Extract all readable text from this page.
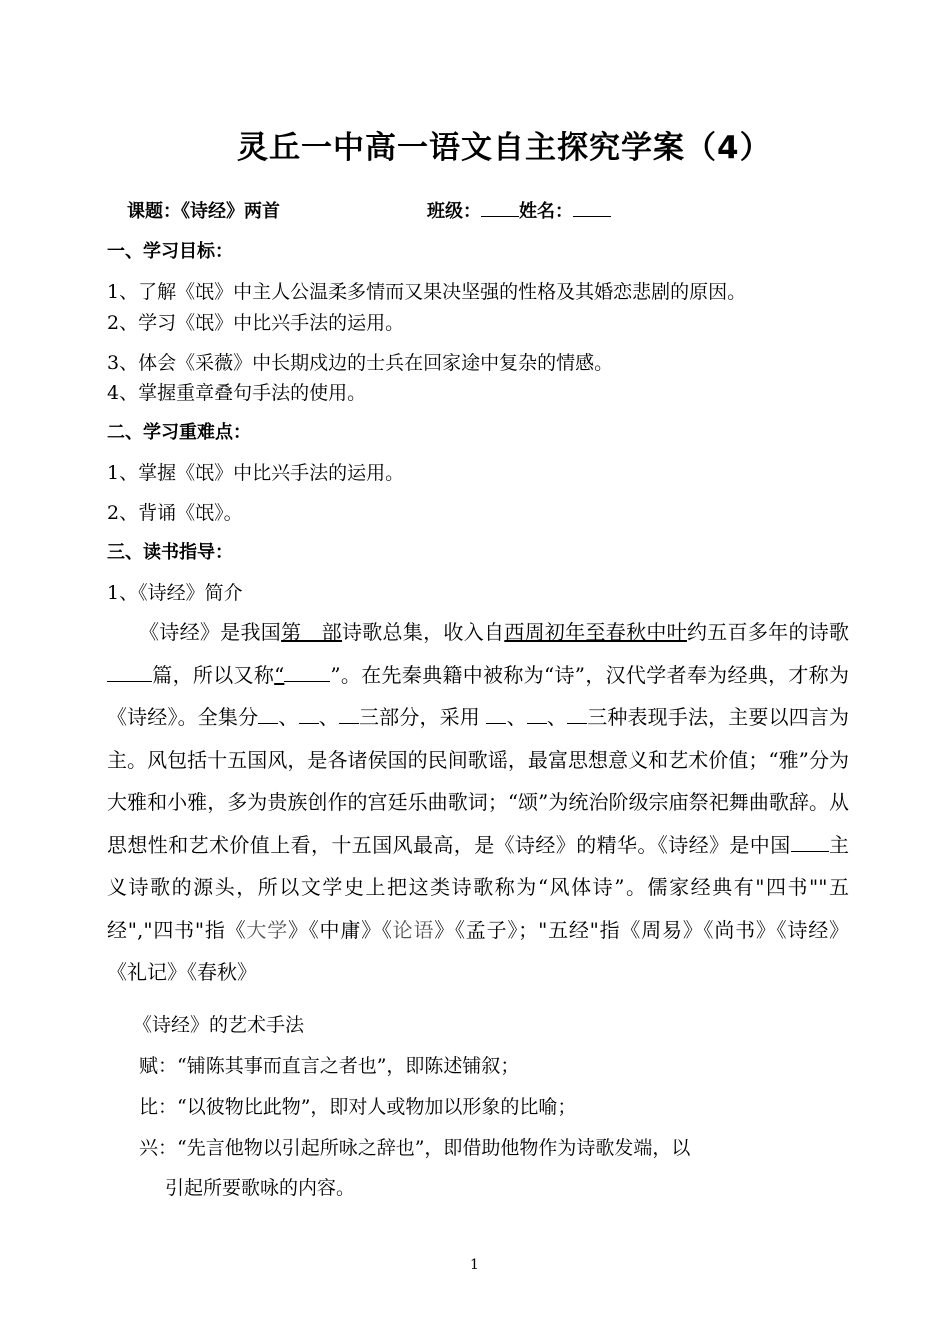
灵丘一中高一语文自主探究学案（4）
课题：《诗经》两首	班级： 姓名：
一、学习目标：
1、了解《氓》中主人公温柔多情而又果决坚强的性格及其婚恋悲剧的原因。
2、学习《氓》中比兴手法的运用。
3、体会《采薇》中长期戍边的士兵在回家途中复杂的情感。
4、掌握重章叠句手法的使用。
二、学习重难点：
1、掌握《氓》中比兴手法的运用。
2、背诵《氓》。
三、读书指导：
1、《诗经》简介
《诗经》是我国第　部诗歌总集，收入自西周初年至春秋中叶约五百多年的诗歌篇，所以又称“ ”。在先秦典籍中被称为“诗”，汉代学者奉为经典，才称为《诗经》。全集分 、 、 三部分，采用 、 、 三种表现手法，主要以四言为主。风包括十五国风，是各诸侯国的民间歌谣，最富思想意义和艺术价值；“雅”分为大雅和小雅，多为贵族创作的宫廷乐曲歌词；“颂”为统治阶级宗庙祭祀舞曲歌辞。从思想性和艺术价值上看，十五国风最高，是《诗经》的精华。《诗经》是中国 主义诗歌的源头，所以文学史上把这类诗歌称为“风体诗”。儒家经典有"四书""五经","四书"指《大学》《中庸》《论语》《孟子》；"五经"指《周易》《尚书》《诗经》《礼记》《春秋》
《诗经》的艺术手法
赋：“铺陈其事而直言之者也”，即陈述铺叙；
比：“以彼物比此物”，即对人或物加以形象的比喻；
兴：“先言他物以引起所咏之辞也”，即借助他物作为诗歌发端，以
引起所要歌咏的内容。
1
